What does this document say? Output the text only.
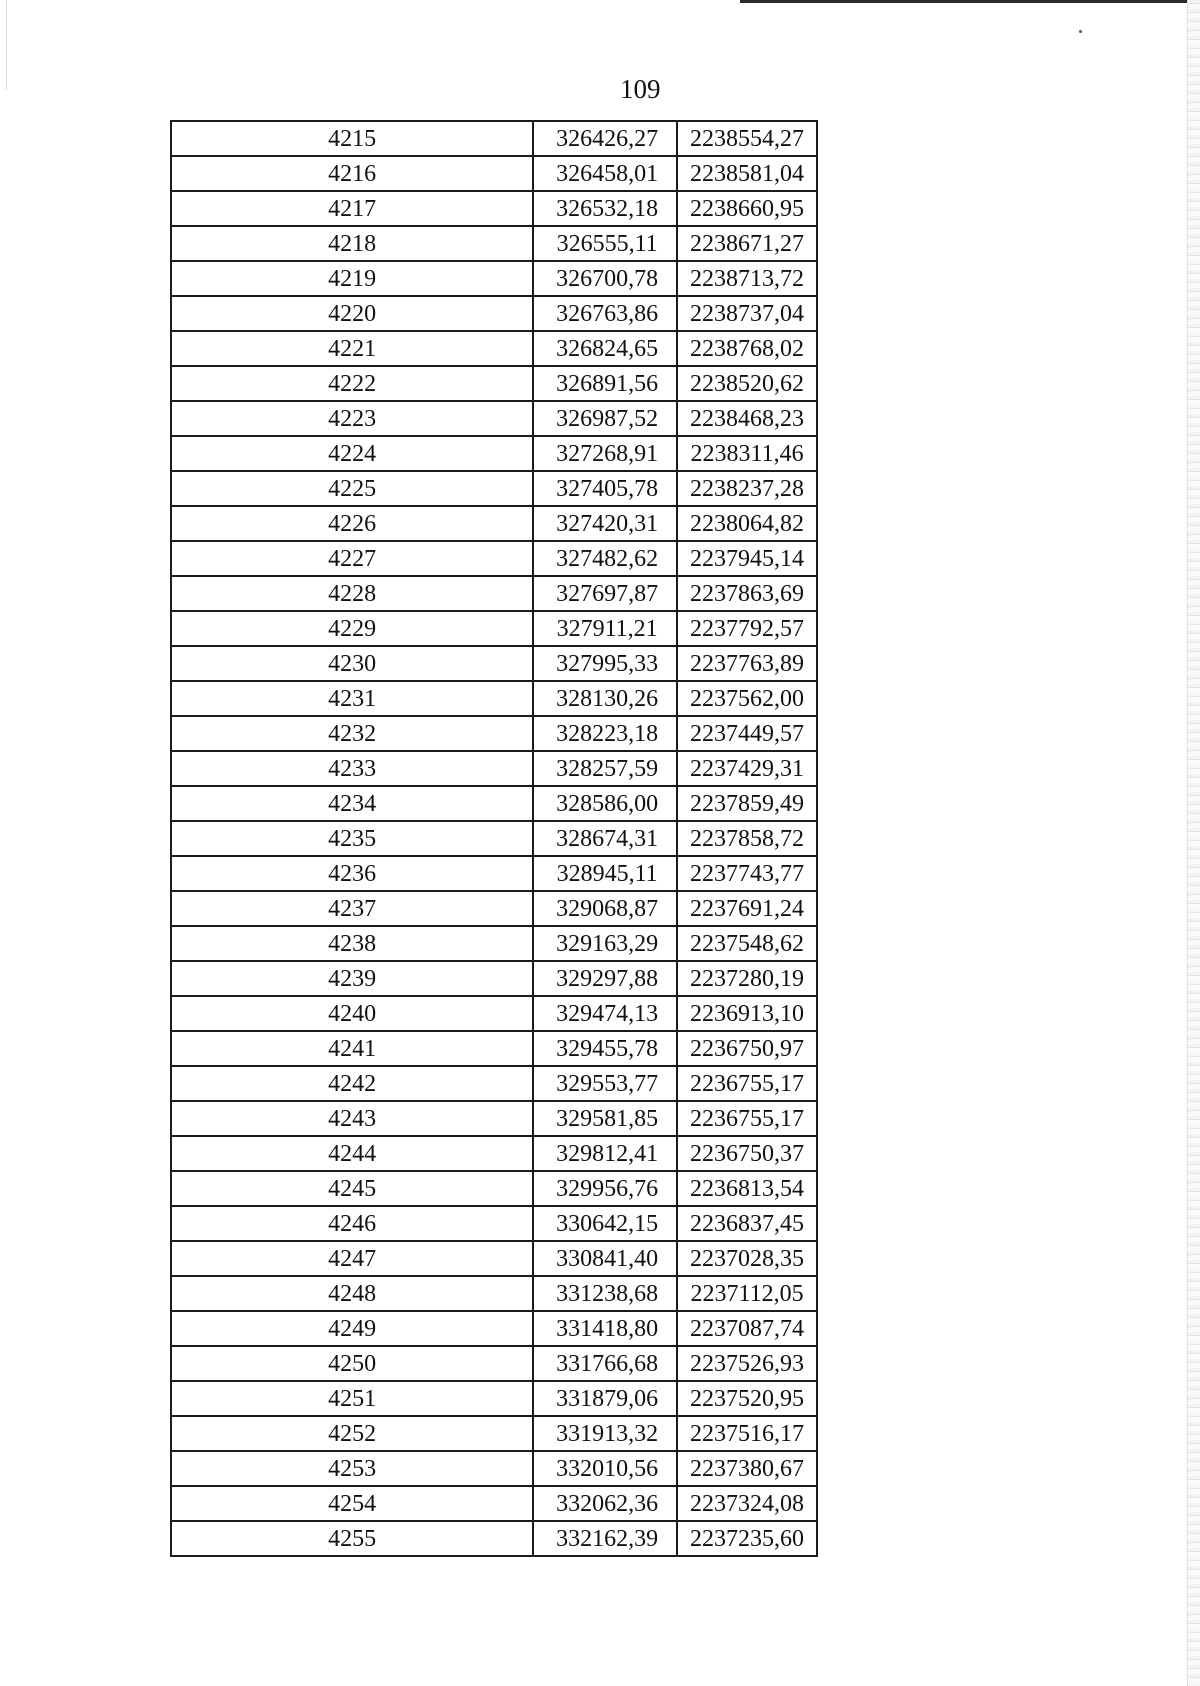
109
4215	326426,27	2238554,27
4216	326458,01	2238581,04
4217	326532,18	2238660,95
4218	326555,11	2238671,27
4219	326700,78	2238713,72
4220	326763,86	2238737,04
4221	326824,65	2238768,02
4222	326891,56	2238520,62
4223	326987,52	2238468,23
4224	327268,91	2238311,46
4225	327405,78	2238237,28
4226	327420,31	2238064,82
4227	327482,62	2237945,14
4228	327697,87	2237863,69
4229	327911,21	2237792,57
4230	327995,33	2237763,89
4231	328130,26	2237562,00
4232	328223,18	2237449,57
4233	328257,59	2237429,31
4234	328586,00	2237859,49
4235	328674,31	2237858,72
4236	328945,11	2237743,77
4237	329068,87	2237691,24
4238	329163,29	2237548,62
4239	329297,88	2237280,19
4240	329474,13	2236913,10
4241	329455,78	2236750,97
4242	329553,77	2236755,17
4243	329581,85	2236755,17
4244	329812,41	2236750,37
4245	329956,76	2236813,54
4246	330642,15	2236837,45
4247	330841,40	2237028,35
4248	331238,68	2237112,05
4249	331418,80	2237087,74
4250	331766,68	2237526,93
4251	331879,06	2237520,95
4252	331913,32	2237516,17
4253	332010,56	2237380,67
4254	332062,36	2237324,08
4255	332162,39	2237235,60
